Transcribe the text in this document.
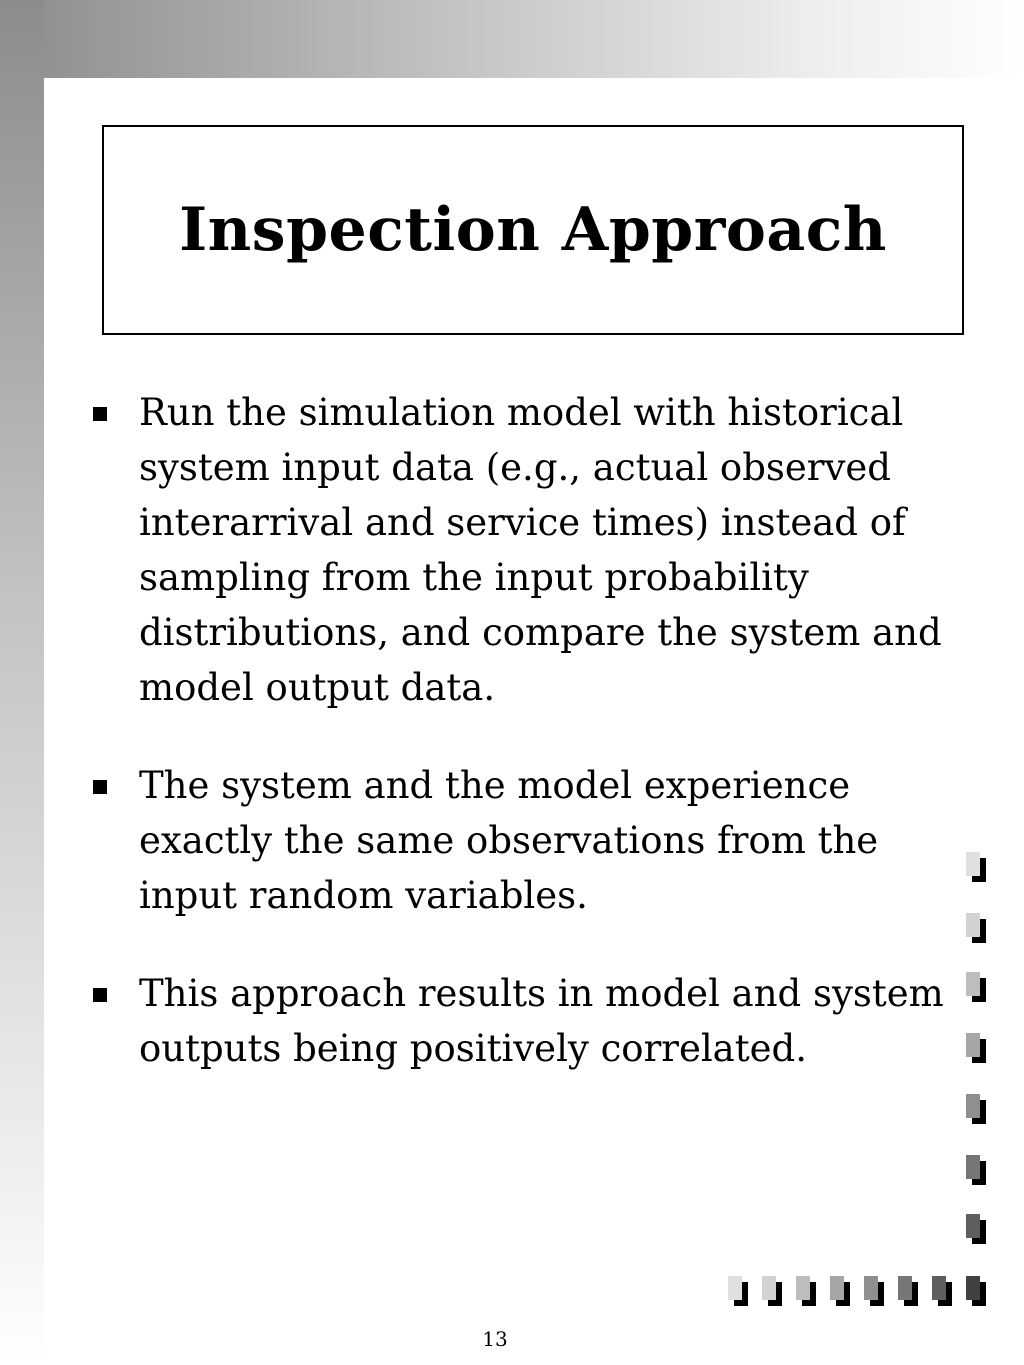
Inspection Approach
Run the simulation model with historical system input data (e.g., actual observed interarrival and service times) instead of sampling from the input probability distributions, and compare the system and model output data.
The system and the model experience exactly the same observations from the input random variables.
This approach results in model and system outputs being positively correlated.
13
